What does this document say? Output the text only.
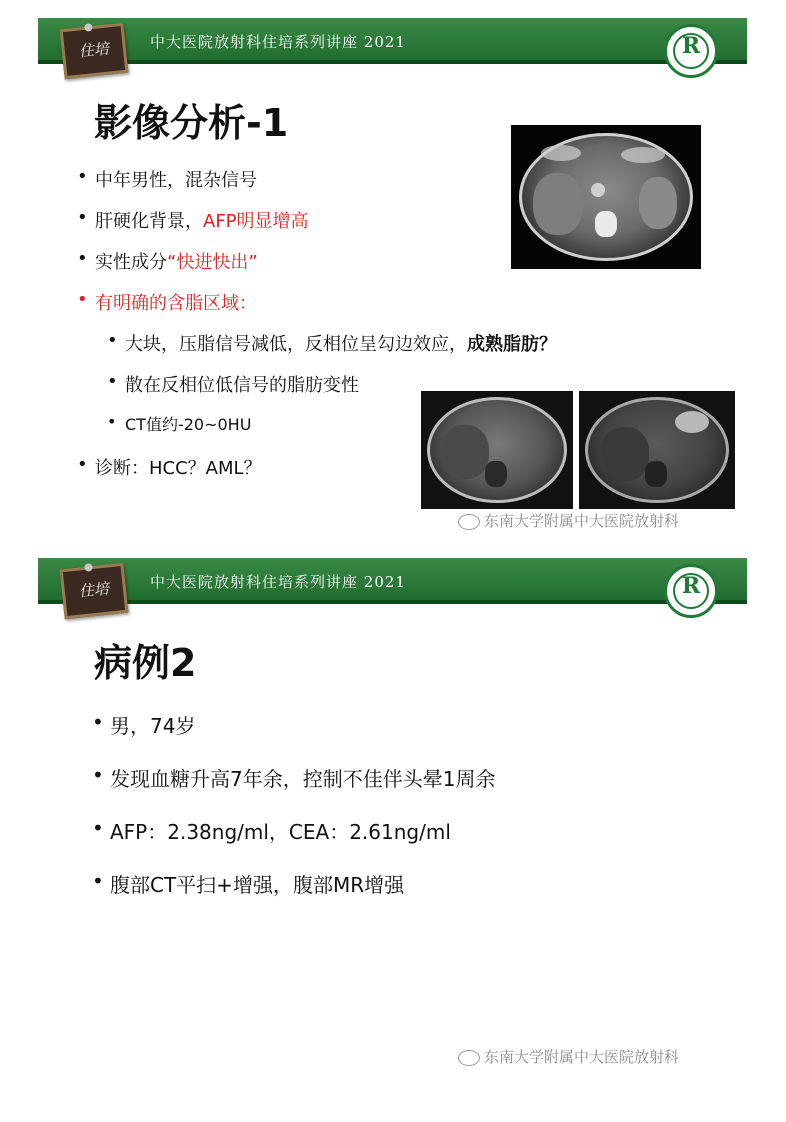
中大医院放射科住培系列讲座 2021
住培	R
影像分析-1
• 中年男性，混杂信号
• 肝硬化背景，AFP明显增高
• 实性成分“快进快出”
• 有明确的含脂区域：
• 大块，压脂信号减低，反相位呈勾边效应，成熟脂肪？
• 散在反相位低信号的脂肪变性
• CT值约-20~0HU
• 诊断：HCC？AML？
东南大学附属中大医院放射科
中大医院放射科住培系列讲座 2021
住培	R
病例2
• 男，74岁
• 发现血糖升高7年余，控制不佳伴头晕1周余
• AFP：2.38ng/ml，CEA：2.61ng/ml
• 腹部CT平扫+增强，腹部MR增强
东南大学附属中大医院放射科
